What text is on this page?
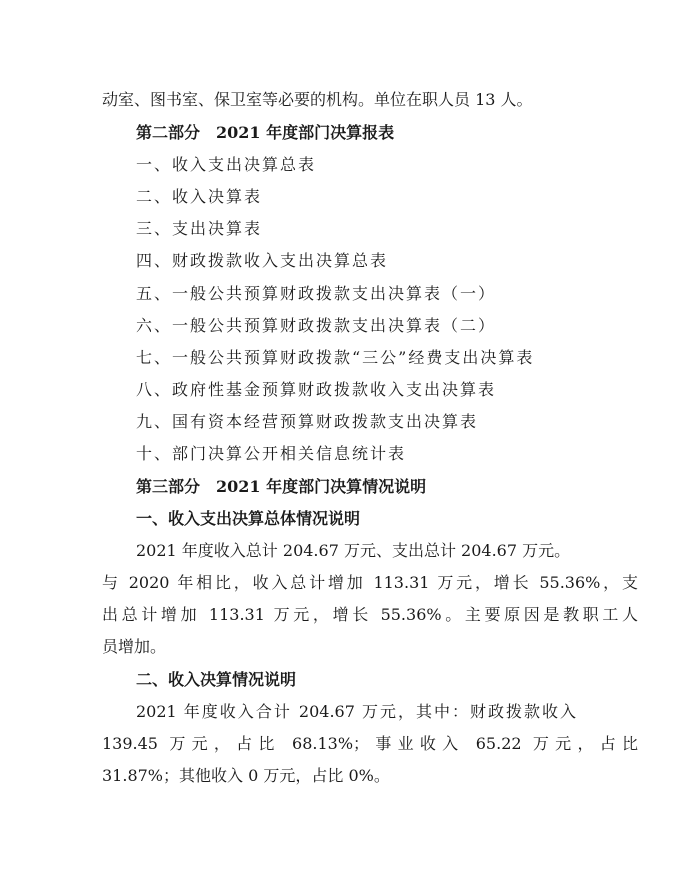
动室、图书室、保卫室等必要的机构。单位在职人员 13 人。
第二部分　2021 年度部门决算报表
一、收入支出决算总表
二、收入决算表
三、支出决算表
四、财政拨款收入支出决算总表
五、一般公共预算财政拨款支出决算表（一）
六、一般公共预算财政拨款支出决算表（二）
七、一般公共预算财政拨款“三公”经费支出决算表
八、政府性基金预算财政拨款收入支出决算表
九、国有资本经营预算财政拨款支出决算表
十、部门决算公开相关信息统计表
第三部分　2021 年度部门决算情况说明
一、收入支出决算总体情况说明
2021 年度收入总计 204.67 万元、支出总计 204.67 万元。
与 2020 年相比，收入总计增加 113.31 万元，增长 55.36%，支
出总计增加 113.31 万元，增长 55.36%。主要原因是教职工人
员增加。
二、收入决算情况说明
2021 年度收入合计 204.67 万元，其中：财政拨款收入
139.45 万元，占比 68.13%；事业收入 65.22 万元，占比
31.87%；其他收入 0 万元，占比 0%。
